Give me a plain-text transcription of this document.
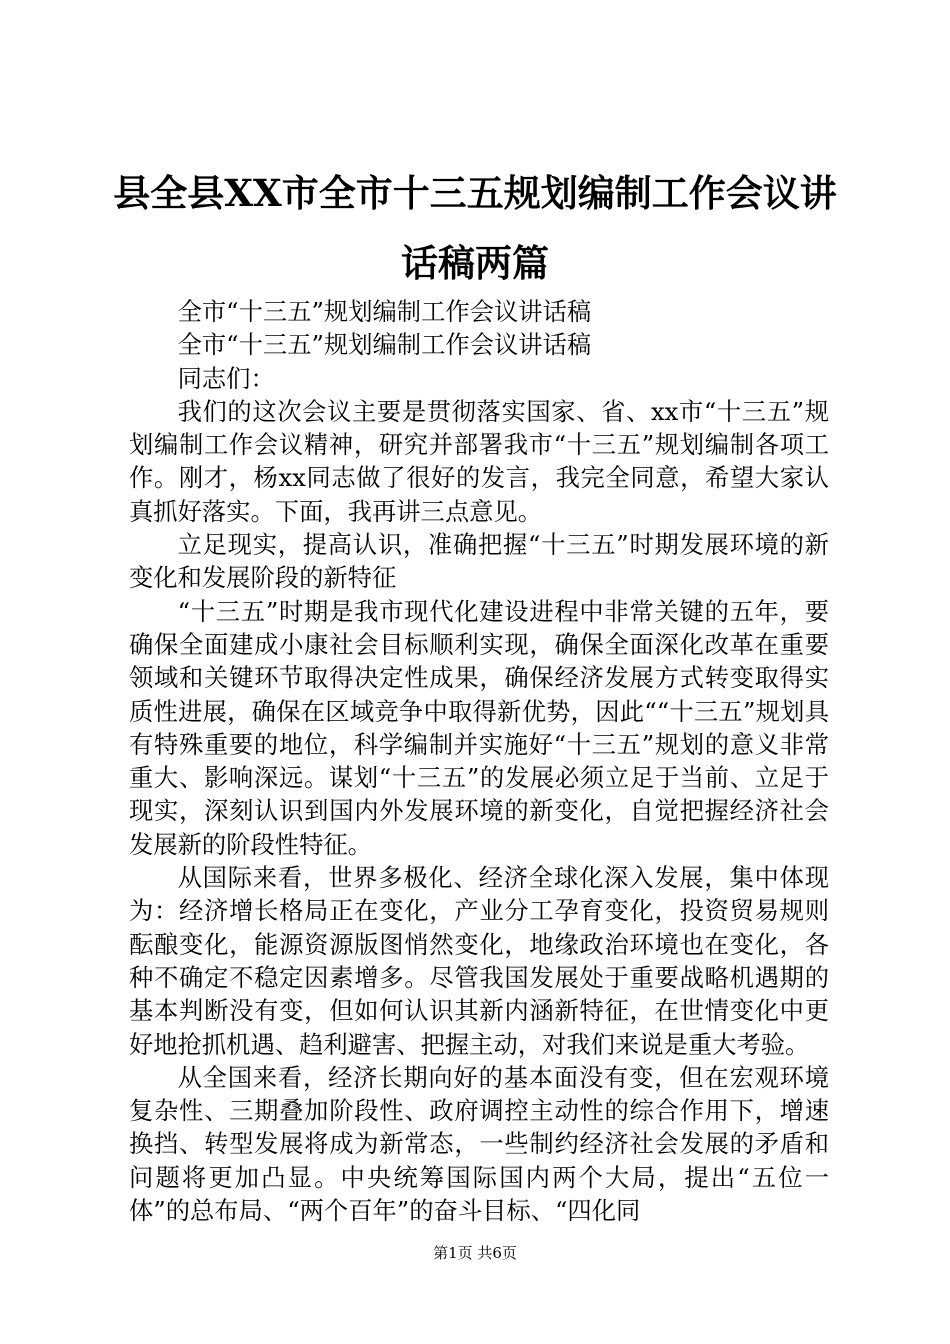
县全县XX市全市十三五规划编制工作会议讲话稿两篇

全市“十三五”规划编制工作会议讲话稿

全市“十三五”规划编制工作会议讲话稿

同志们：

我们的这次会议主要是贯彻落实国家、省、xx市“十三五”规划编制工作会议精神，研究并部署我市“十三五”规划编制各项工作。刚才，杨xx同志做了很好的发言，我完全同意，希望大家认真抓好落实。下面，我再讲三点意见。

立足现实，提高认识，准确把握“十三五”时期发展环境的新变化和发展阶段的新特征

“十三五”时期是我市现代化建设进程中非常关键的五年，要确保全面建成小康社会目标顺利实现，确保全面深化改革在重要领域和关键环节取得决定性成果，确保经济发展方式转变取得实质性进展，确保在区域竞争中取得新优势，因此““十三五”规划具有特殊重要的地位，科学编制并实施好“十三五”规划的意义非常重大、影响深远。谋划“十三五”的发展必须立足于当前、立足于现实，深刻认识到国内外发展环境的新变化，自觉把握经济社会发展新的阶段性特征。

从国际来看，世界多极化、经济全球化深入发展，集中体现为：经济增长格局正在变化，产业分工孕育变化，投资贸易规则酝酿变化，能源资源版图悄然变化，地缘政治环境也在变化，各种不确定不稳定因素增多。尽管我国发展处于重要战略机遇期的基本判断没有变，但如何认识其新内涵新特征，在世情变化中更好地抢抓机遇、趋利避害、把握主动，对我们来说是重大考验。

从全国来看，经济长期向好的基本面没有变，但在宏观环境复杂性、三期叠加阶段性、政府调控主动性的综合作用下，增速换挡、转型发展将成为新常态，一些制约经济社会发展的矛盾和问题将更加凸显。中央统筹国际国内两个大局，提出“五位一体”的总布局、“两个百年”的奋斗目标、“四化同

第1页 共6页
